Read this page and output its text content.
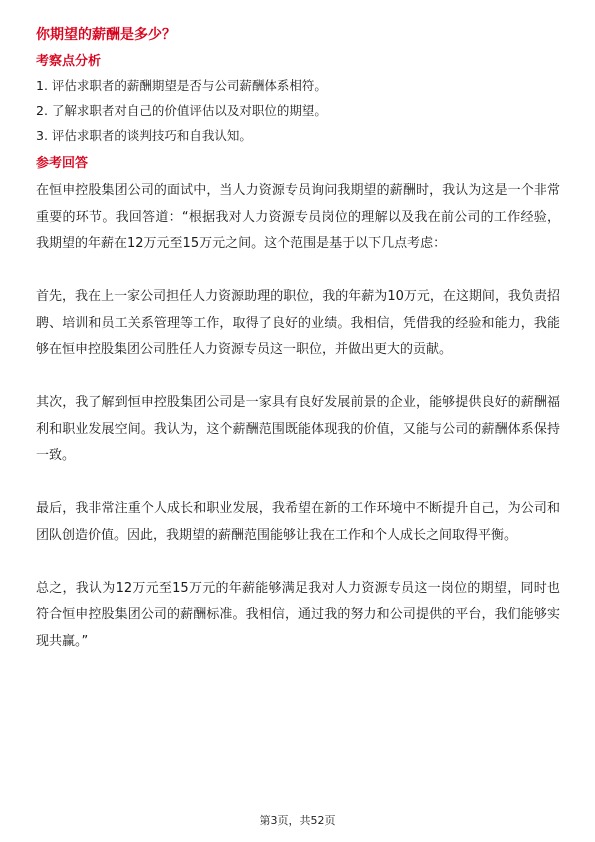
你期望的薪酬是多少？
考察点分析
1. 评估求职者的薪酬期望是否与公司薪酬体系相符。
2. 了解求职者对自己的价值评估以及对职位的期望。
3. 评估求职者的谈判技巧和自我认知。
参考回答

在恒申控股集团公司的面试中，当人力资源专员询问我期望的薪酬时，我认为这是一个非常重要的环节。我回答道：“根据我对人力资源专员岗位的理解以及我在前公司的工作经验，我期望的年薪在12万元至15万元之间。这个范围是基于以下几点考虑：

首先，我在上一家公司担任人力资源助理的职位，我的年薪为10万元，在这期间，我负责招聘、培训和员工关系管理等工作，取得了良好的业绩。我相信，凭借我的经验和能力，我能够在恒申控股集团公司胜任人力资源专员这一职位，并做出更大的贡献。

其次，我了解到恒申控股集团公司是一家具有良好发展前景的企业，能够提供良好的薪酬福利和职业发展空间。我认为，这个薪酬范围既能体现我的价值，又能与公司的薪酬体系保持一致。

最后，我非常注重个人成长和职业发展，我希望在新的工作环境中不断提升自己，为公司和团队创造价值。因此，我期望的薪酬范围能够让我在工作和个人成长之间取得平衡。

总之，我认为12万元至15万元的年薪能够满足我对人力资源专员这一岗位的期望，同时也符合恒申控股集团公司的薪酬标准。我相信，通过我的努力和公司提供的平台，我们能够实现共赢。”

第3页，共52页
